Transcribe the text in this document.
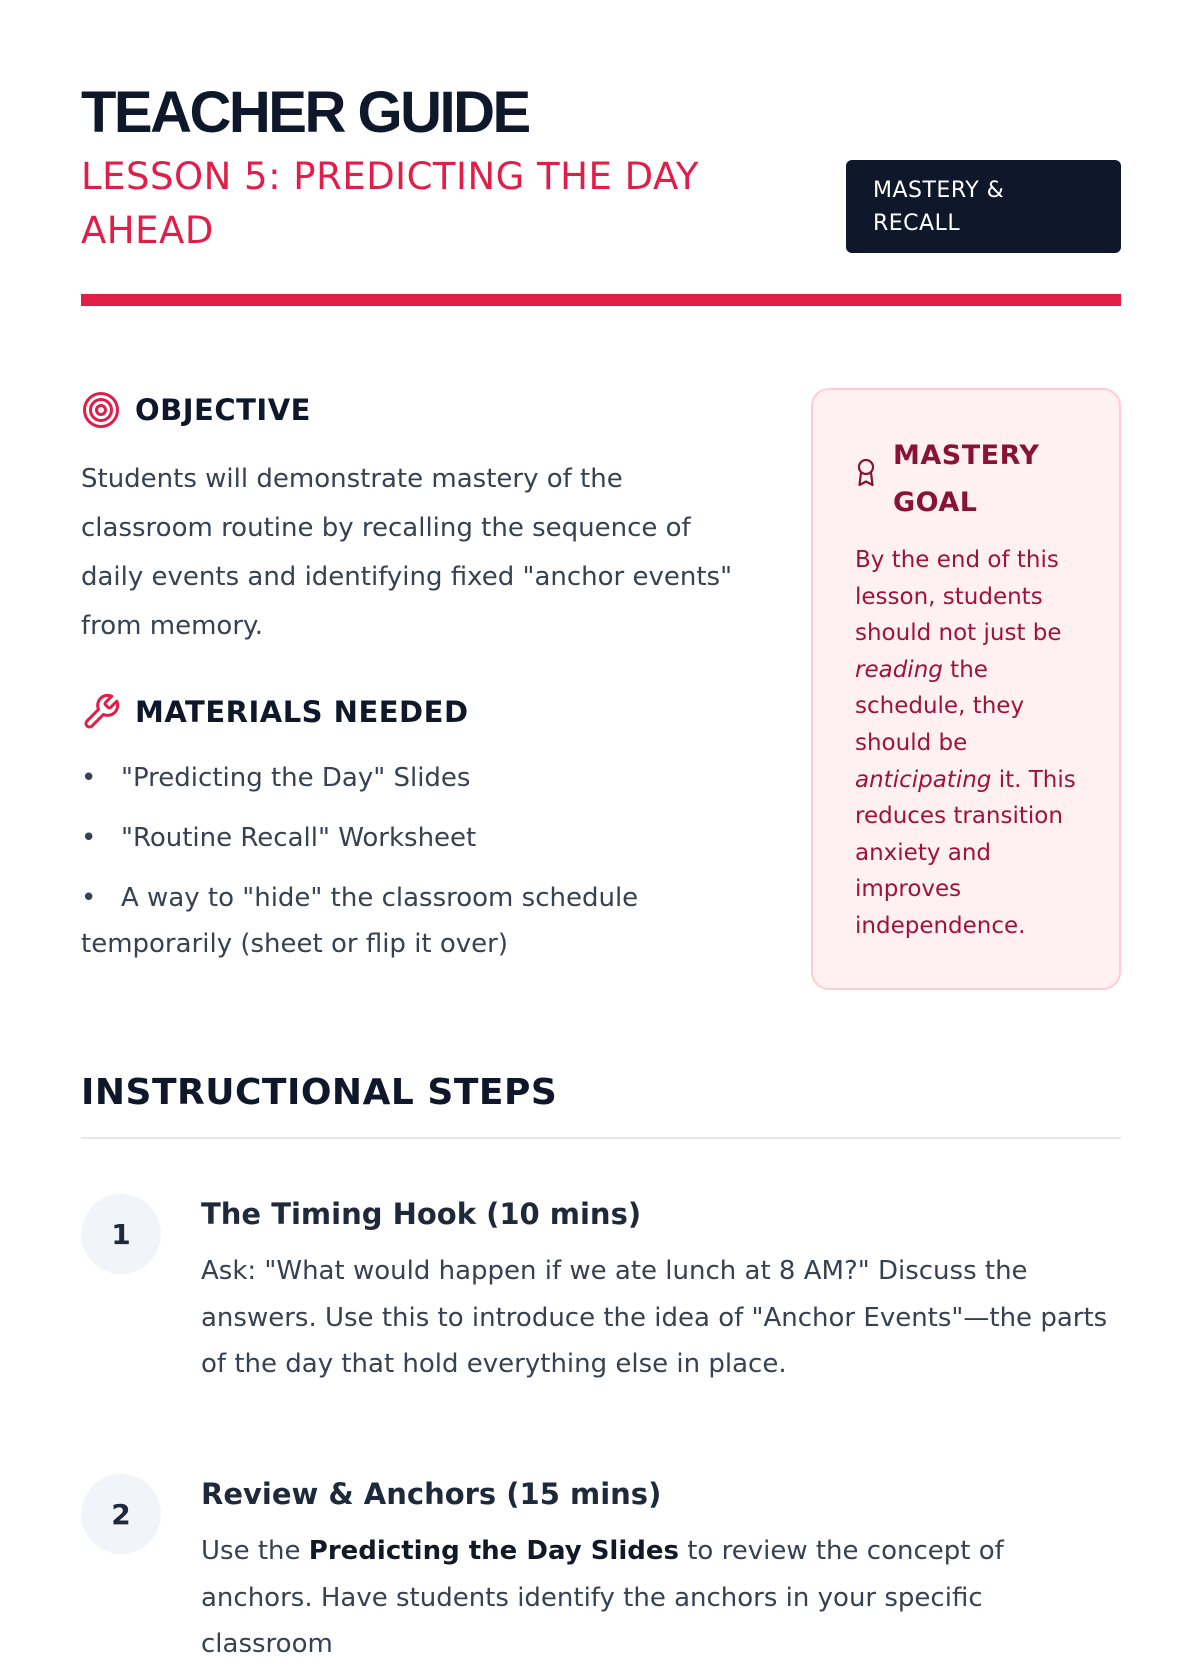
TEACHER GUIDE
LESSON 5: PREDICTING THE DAY AHEAD
MASTERY & RECALL
OBJECTIVE

Students will demonstrate mastery of the classroom routine by recalling the sequence of daily events and identifying fixed "anchor events" from memory.

MATERIALS NEEDED
• "Predicting the Day" Slides
• "Routine Recall" Worksheet
• A way to "hide" the classroom schedule temporarily (sheet or flip it over)
MASTERY
GOAL

By the end of this lesson, students should not just be reading the schedule, they should be anticipating it. This reduces transition anxiety and improves independence.

INSTRUCTIONAL STEPS
1
The Timing Hook (10 mins)

Ask: "What would happen if we ate lunch at 8 AM?" Discuss the answers. Use this to introduce the idea of "Anchor Events"—the parts of the day that hold everything else in place.

2
Review & Anchors (15 mins)

Use the Predicting the Day Slides to review the concept of anchors. Have students identify the anchors in your specific classroom
